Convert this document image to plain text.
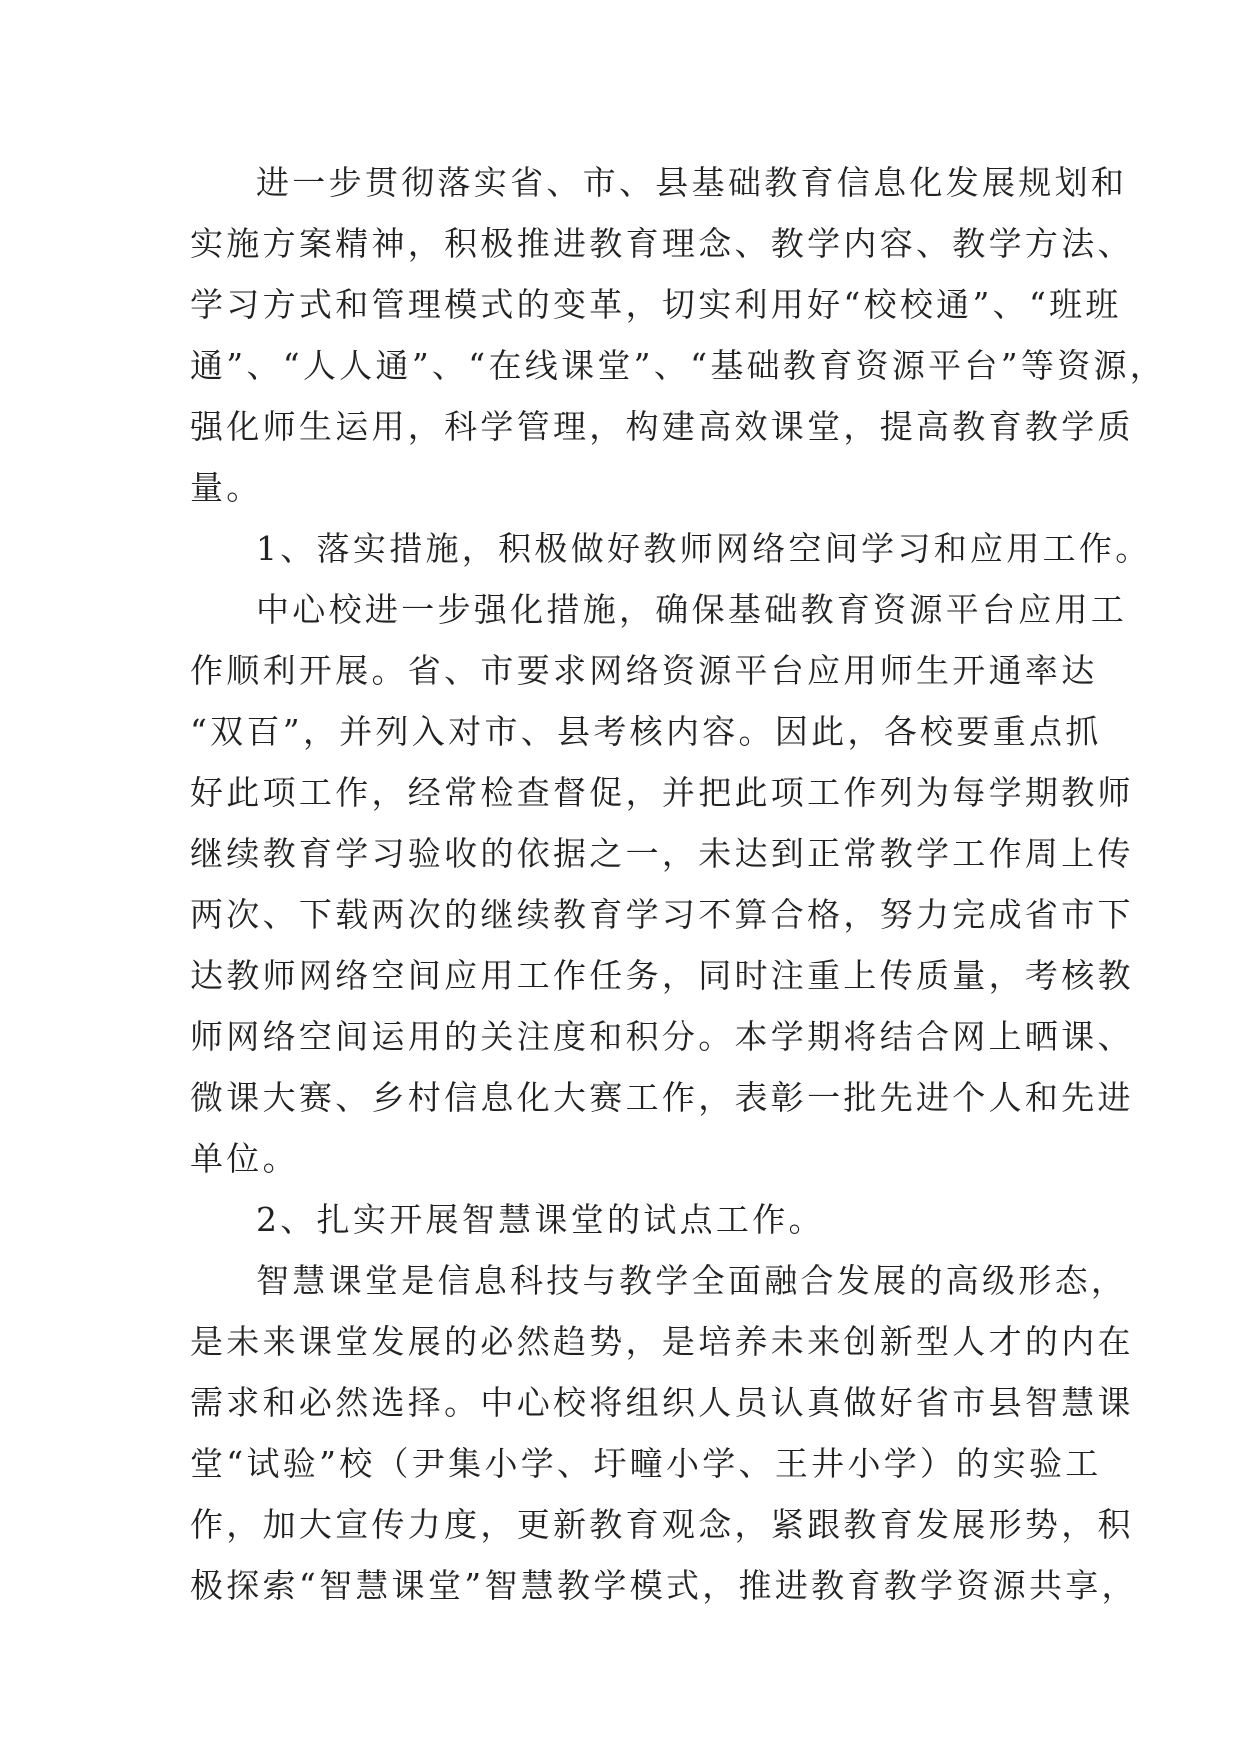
进一步贯彻落实省、市、县基础教育信息化发展规划和
实施方案精神，积极推进教育理念、教学内容、教学方法、
学习方式和管理模式的变革，切实利用好“校校通”、“班班
通”、“人人通”、“在线课堂”、“基础教育资源平台”等资源，
强化师生运用，科学管理，构建高效课堂，提高教育教学质
量。
1、落实措施，积极做好教师网络空间学习和应用工作。
中心校进一步强化措施，确保基础教育资源平台应用工
作顺利开展。省、市要求网络资源平台应用师生开通率达
“双百”，并列入对市、县考核内容。因此，各校要重点抓
好此项工作，经常检查督促，并把此项工作列为每学期教师
继续教育学习验收的依据之一，未达到正常教学工作周上传
两次、下载两次的继续教育学习不算合格，努力完成省市下
达教师网络空间应用工作任务，同时注重上传质量，考核教
师网络空间运用的关注度和积分。本学期将结合网上晒课、
微课大赛、乡村信息化大赛工作，表彰一批先进个人和先进
单位。
2、扎实开展智慧课堂的试点工作。
智慧课堂是信息科技与教学全面融合发展的高级形态，
是未来课堂发展的必然趋势，是培养未来创新型人才的内在
需求和必然选择。中心校将组织人员认真做好省市县智慧课
堂“试验”校（尹集小学、圩疃小学、王井小学）的实验工
作，加大宣传力度，更新教育观念，紧跟教育发展形势，积
极探索“智慧课堂”智慧教学模式，推进教育教学资源共享，
